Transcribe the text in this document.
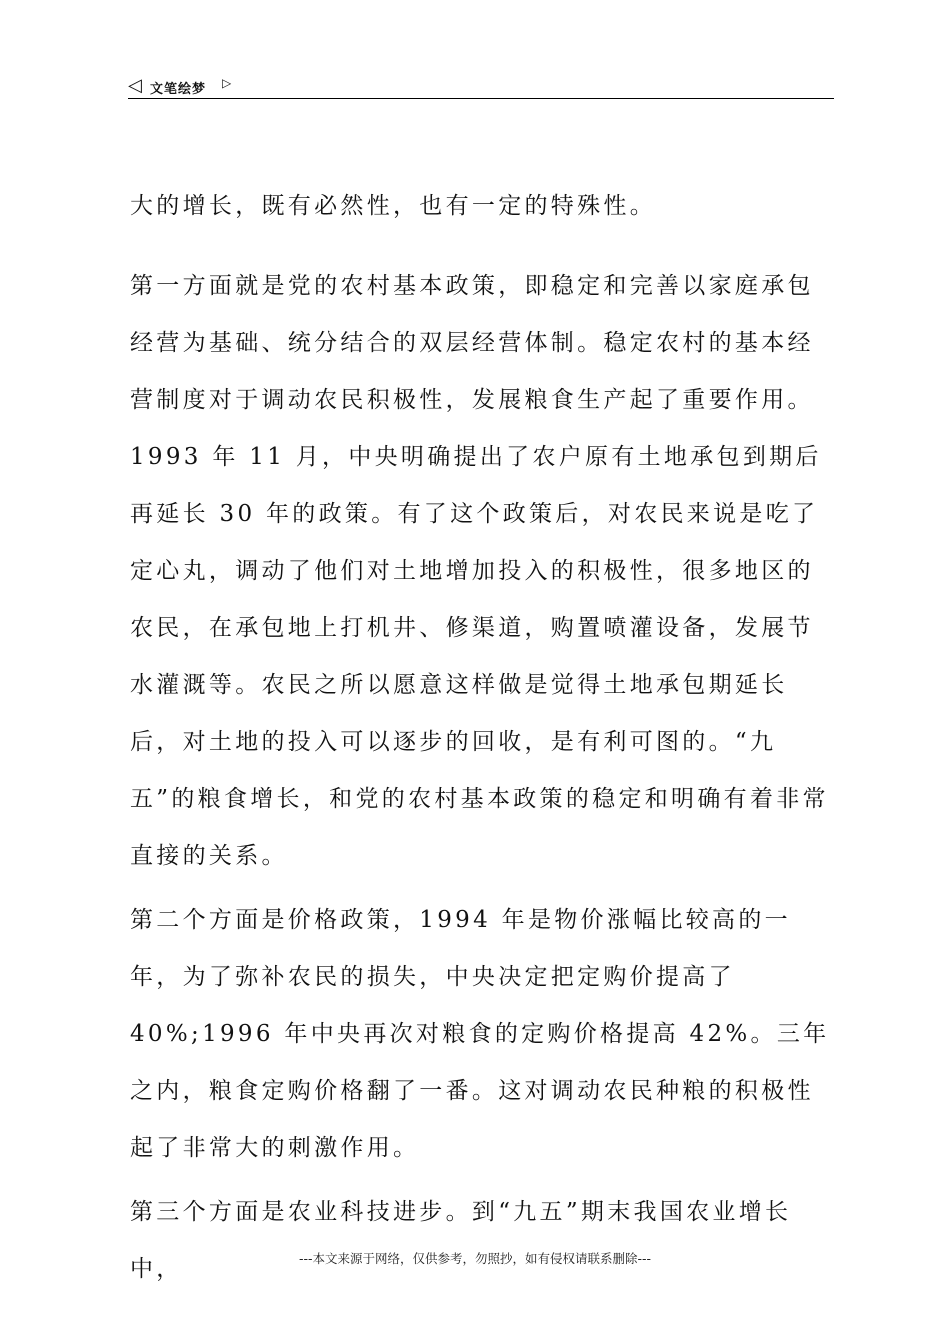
◁ 文笔绘梦 ▷

大的增长，既有必然性，也有一定的特殊性。

第一方面就是党的农村基本政策，即稳定和完善以家庭承包经营为基础、统分结合的双层经营体制。稳定农村的基本经营制度对于调动农民积极性，发展粮食生产起了重要作用。1993 年 11 月，中央明确提出了农户原有土地承包到期后再延长 30 年的政策。有了这个政策后，对农民来说是吃了定心丸，调动了他们对土地增加投入的积极性，很多地区的农民，在承包地上打机井、修渠道，购置喷灌设备，发展节水灌溉等。农民之所以愿意这样做是觉得土地承包期延长后，对土地的投入可以逐步的回收，是有利可图的。“九五”的粮食增长，和党的农村基本政策的稳定和明确有着非常直接的关系。

第二个方面是价格政策，1994 年是物价涨幅比较高的一年，为了弥补农民的损失，中央决定把定购价提高了 40%;1996 年中央再次对粮食的定购价格提高 42%。三年之内，粮食定购价格翻了一番。这对调动农民种粮的积极性起了非常大的刺激作用。

第三个方面是农业科技进步。到“九五”期末我国农业增长中，	---本文来源于网络，仅供参考，勿照抄，如有侵权请联系删除---
